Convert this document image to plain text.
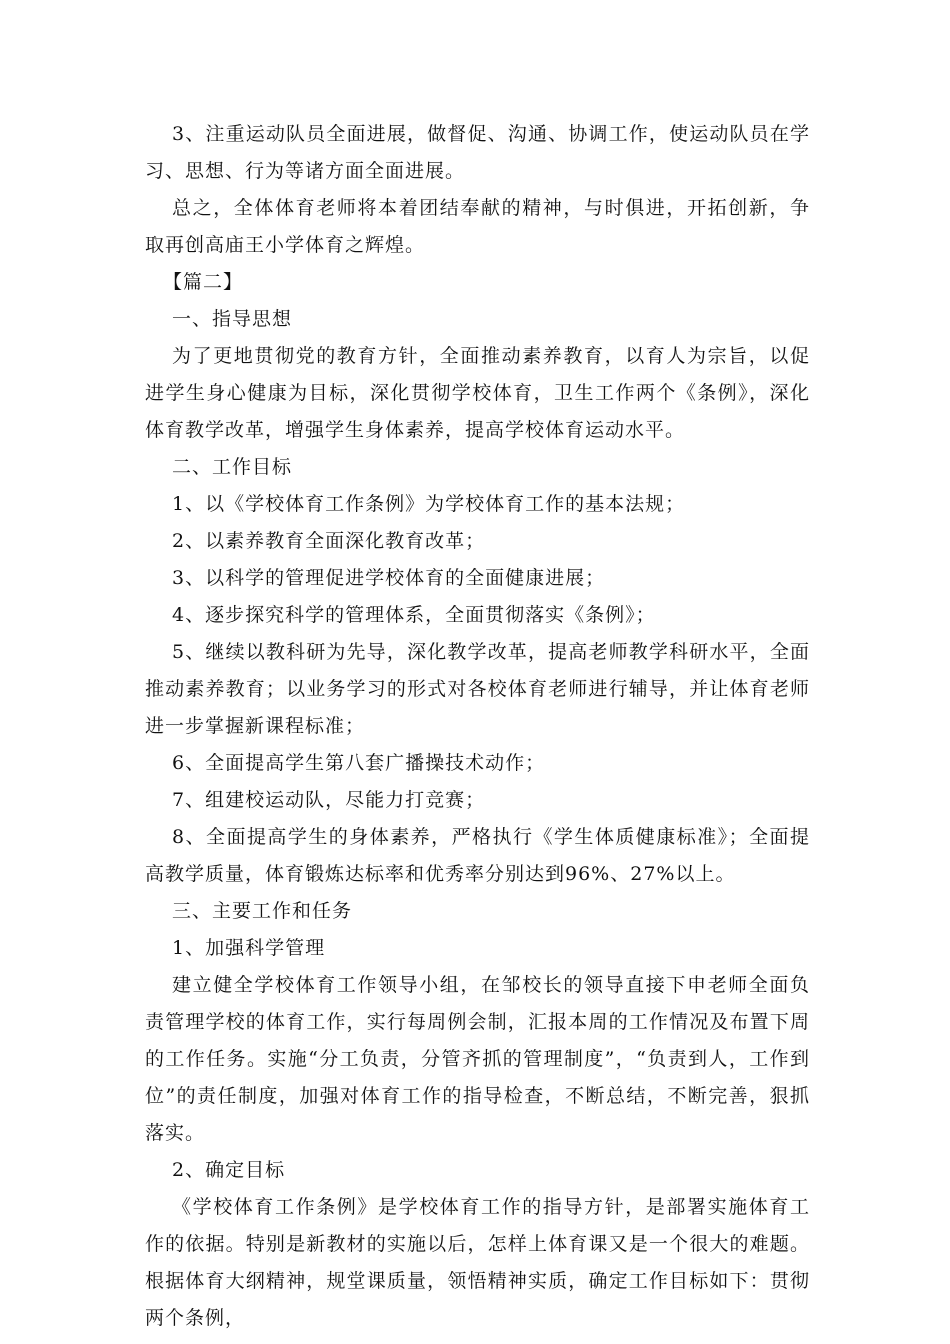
3、注重运动队员全面进展，做督促、沟通、协调工作，使运动队员在学习、思想、行为等诸方面全面进展。

总之，全体体育老师将本着团结奉献的精神，与时俱进，开拓创新，争取再创高庙王小学体育之辉煌。

【篇二】

一、指导思想

为了更地贯彻党的教育方针，全面推动素养教育，以育人为宗旨，以促进学生身心健康为目标，深化贯彻学校体育，卫生工作两个《条例》，深化体育教学改革，增强学生身体素养，提高学校体育运动水平。

二、工作目标

1、以《学校体育工作条例》为学校体育工作的基本法规；

2、以素养教育全面深化教育改革；

3、以科学的管理促进学校体育的全面健康进展；

4、逐步探究科学的管理体系，全面贯彻落实《条例》；

5、继续以教科研为先导，深化教学改革，提高老师教学科研水平，全面推动素养教育；以业务学习的形式对各校体育老师进行辅导，并让体育老师进一步掌握新课程标准；

6、全面提高学生第八套广播操技术动作；

7、组建校运动队，尽能力打竞赛；

8、全面提高学生的身体素养，严格执行《学生体质健康标准》；全面提高教学质量，体育锻炼达标率和优秀率分别达到96%、27%以上。

三、主要工作和任务

1、加强科学管理

建立健全学校体育工作领导小组，在邹校长的领导直接下申老师全面负责管理学校的体育工作，实行每周例会制，汇报本周的工作情况及布置下周的工作任务。实施“分工负责，分管齐抓的管理制度”，“负责到人，工作到位”的责任制度，加强对体育工作的指导检查，不断总结，不断完善，狠抓落实。

2、确定目标

《学校体育工作条例》是学校体育工作的指导方针，是部署实施体育工作的依据。特别是新教材的实施以后，怎样上体育课又是一个很大的难题。根据体育大纲精神，规堂课质量，领悟精神实质，确定工作目标如下：贯彻两个条例，
